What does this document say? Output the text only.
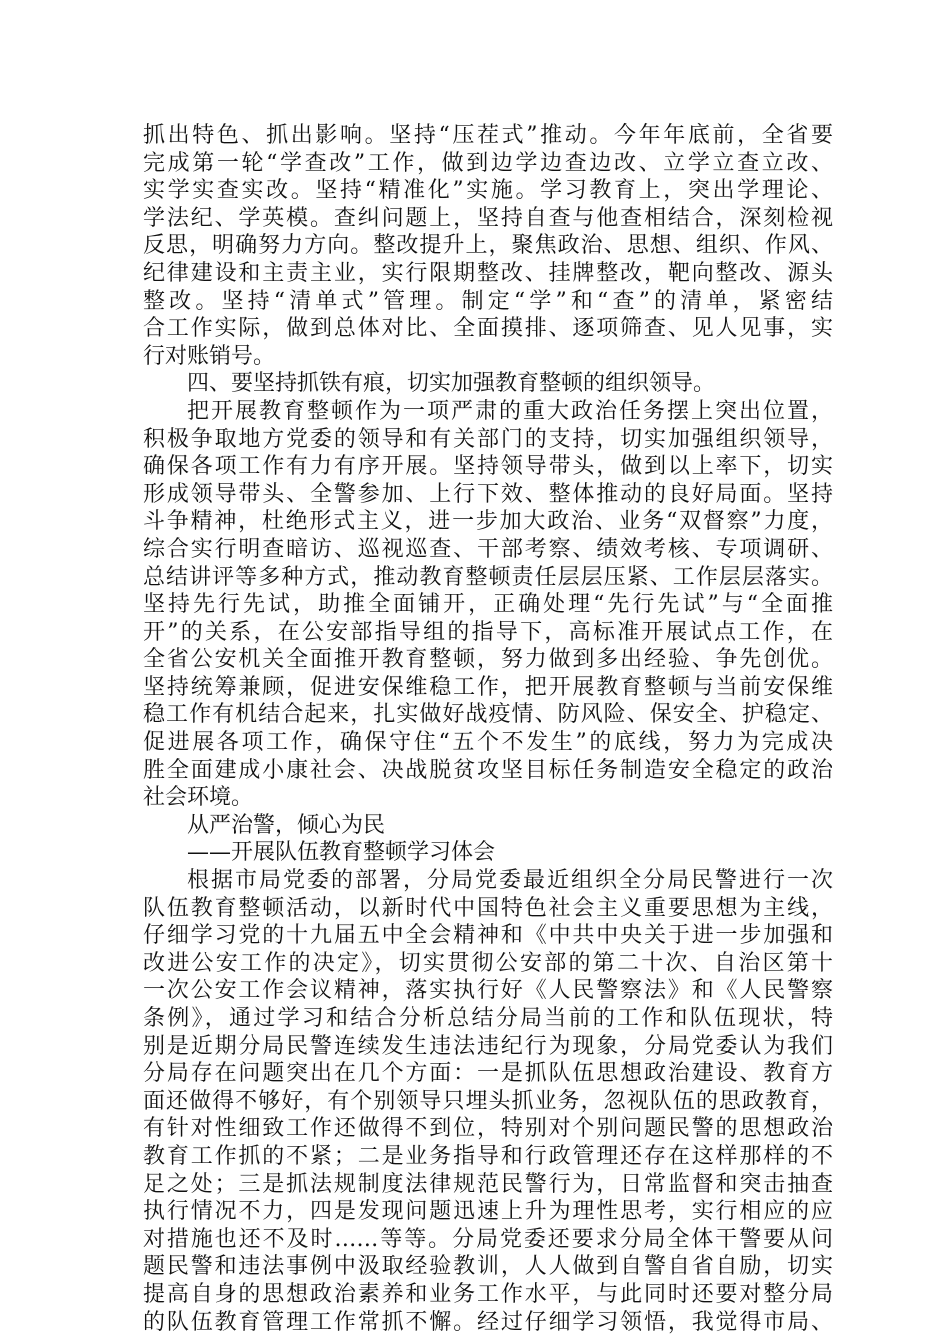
抓出特色、抓出影响。坚持“压茬式”推动。今年年底前，全省要
完成第一轮“学查改”工作，做到边学边查边改、立学立查立改、
实学实查实改。坚持“精准化”实施。学习教育上，突出学理论、
学法纪、学英模。查纠问题上，坚持自查与他查相结合，深刻检视
反思，明确努力方向。整改提升上，聚焦政治、思想、组织、作风、
纪律建设和主责主业，实行限期整改、挂牌整改，靶向整改、源头
整改。坚持“清单式”管理。制定“学”和“查”的清单，紧密结
合工作实际，做到总体对比、全面摸排、逐项筛查、见人见事，实
行对账销号。
四、要坚持抓铁有痕，切实加强教育整顿的组织领导。
把开展教育整顿作为一项严肃的重大政治任务摆上突出位置，
积极争取地方党委的领导和有关部门的支持，切实加强组织领导，
确保各项工作有力有序开展。坚持领导带头，做到以上率下，切实
形成领导带头、全警参加、上行下效、整体推动的良好局面。坚持
斗争精神，杜绝形式主义，进一步加大政治、业务“双督察”力度，
综合实行明查暗访、巡视巡查、干部考察、绩效考核、专项调研、
总结讲评等多种方式，推动教育整顿责任层层压紧、工作层层落实。
坚持先行先试，助推全面铺开，正确处理“先行先试”与“全面推
开”的关系，在公安部指导组的指导下，高标准开展试点工作，在
全省公安机关全面推开教育整顿，努力做到多出经验、争先创优。
坚持统筹兼顾，促进安保维稳工作，把开展教育整顿与当前安保维
稳工作有机结合起来，扎实做好战疫情、防风险、保安全、护稳定、
促进展各项工作，确保守住“五个不发生”的底线，努力为完成决
胜全面建成小康社会、决战脱贫攻坚目标任务制造安全稳定的政治
社会环境。
从严治警，倾心为民
——开展队伍教育整顿学习体会
根据市局党委的部署，分局党委最近组织全分局民警进行一次
队伍教育整顿活动，以新时代中国特色社会主义重要思想为主线，
仔细学习党的十九届五中全会精神和《中共中央关于进一步加强和
改进公安工作的决定》，切实贯彻公安部的第二十次、自治区第十
一次公安工作会议精神，落实执行好《人民警察法》和《人民警察
条例》，通过学习和结合分析总结分局当前的工作和队伍现状，特
别是近期分局民警连续发生违法违纪行为现象，分局党委认为我们
分局存在问题突出在几个方面：一是抓队伍思想政治建设、教育方
面还做得不够好，有个别领导只埋头抓业务，忽视队伍的思政教育，
有针对性细致工作还做得不到位，特别对个别问题民警的思想政治
教育工作抓的不紧；二是业务指导和行政管理还存在这样那样的不
足之处；三是抓法规制度法律规范民警行为，日常监督和突击抽查
执行情况不力，四是发现问题迅速上升为理性思考，实行相应的应
对措施也还不及时……等等。分局党委还要求分局全体干警要从问
题民警和违法事例中汲取经验教训，人人做到自警自省自励，切实
提高自身的思想政治素养和业务工作水平，与此同时还要对整分局
的队伍教育管理工作常抓不懈。经过仔细学习领悟，我觉得市局、
